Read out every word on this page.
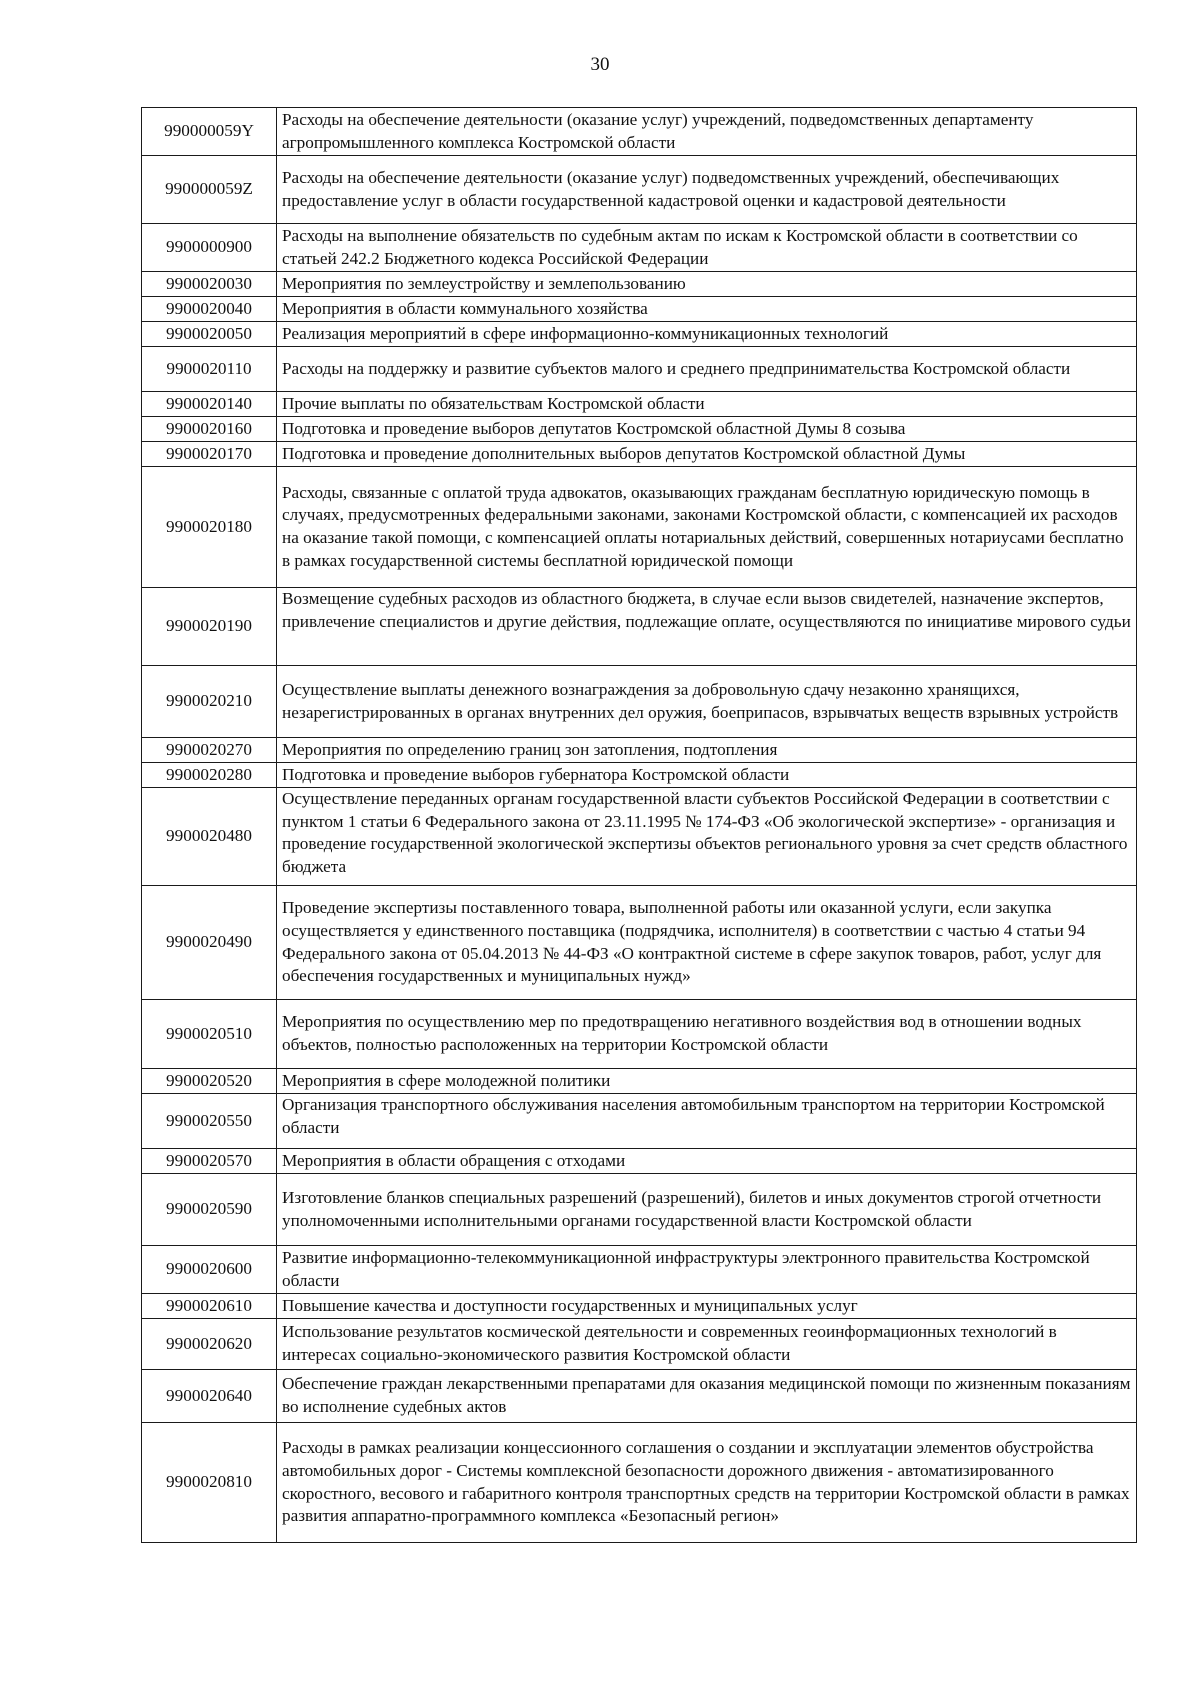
30
990000059Y	Расходы на обеспечение деятельности (оказание услуг) учреждений, подведомственных департаменту агропромышленного комплекса Костромской области
990000059Z	Расходы на обеспечение деятельности (оказание услуг) подведомственных учреждений, обеспечивающих предоставление услуг в области государственной кадастровой оценки и кадастровой деятельности
9900000900	Расходы на выполнение обязательств по судебным актам по искам к Костромской области в соответствии со статьей 242.2 Бюджетного кодекса Российской Федерации
9900020030	Мероприятия по землеустройству и землепользованию
9900020040	Мероприятия в области коммунального хозяйства
9900020050	Реализация мероприятий в сфере информационно-коммуникационных технологий
9900020110	Расходы на поддержку и развитие субъектов малого и среднего предпринимательства Костромской области
9900020140	Прочие выплаты по обязательствам Костромской области
9900020160	Подготовка и проведение выборов депутатов Костромской областной Думы 8 созыва
9900020170	Подготовка и проведение дополнительных выборов депутатов Костромской областной Думы
9900020180	Расходы, связанные с оплатой труда адвокатов, оказывающих гражданам бесплатную юридическую помощь в случаях, предусмотренных федеральными законами, законами Костромской области, с компенсацией их расходов на оказание такой помощи, с компенсацией оплаты нотариальных действий, совершенных нотариусами бесплатно в рамках государственной системы бесплатной юридической помощи
9900020190	Возмещение судебных расходов из областного бюджета, в случае если вызов свидетелей, назначение экспертов, привлечение специалистов и другие действия, подлежащие оплате, осуществляются по инициативе мирового судьи
9900020210	Осуществление выплаты денежного вознаграждения за добровольную сдачу незаконно хранящихся, незарегистрированных в органах внутренних дел оружия, боеприпасов, взрывчатых веществ взрывных устройств
9900020270	Мероприятия по определению границ зон затопления, подтопления
9900020280	Подготовка и проведение выборов губернатора Костромской области
9900020480	Осуществление переданных органам государственной власти субъектов Российской Федерации в соответствии с пунктом 1 статьи 6 Федерального закона от 23.11.1995 № 174-ФЗ «Об экологической экспертизе» - организация и проведение государственной экологической экспертизы объектов регионального уровня за счет средств областного бюджета
9900020490	Проведение экспертизы поставленного товара, выполненной работы или оказанной услуги, если закупка осуществляется у единственного поставщика (подрядчика, исполнителя) в соответствии с частью 4 статьи 94 Федерального закона от 05.04.2013 № 44-ФЗ «О контрактной системе в сфере закупок товаров, работ, услуг для обеспечения государственных и муниципальных нужд»
9900020510	Мероприятия по осуществлению мер по предотвращению негативного воздействия вод в отношении водных объектов, полностью расположенных на территории Костромской области
9900020520	Мероприятия в сфере молодежной политики
9900020550	Организация транспортного обслуживания населения автомобильным транспортом на территории Костромской области
9900020570	Мероприятия в области обращения с отходами
9900020590	Изготовление бланков специальных разрешений (разрешений), билетов и иных документов строгой отчетности уполномоченными исполнительными органами государственной власти Костромской области
9900020600	Развитие информационно-телекоммуникационной инфраструктуры электронного правительства Костромской области
9900020610	Повышение качества и доступности государственных и муниципальных услуг
9900020620	Использование результатов космической деятельности и современных геоинформационных технологий в интересах социально-экономического развития Костромской области
9900020640	Обеспечение граждан лекарственными препаратами для оказания медицинской помощи по жизненным показаниям во исполнение судебных актов
9900020810	Расходы в рамках реализации концессионного соглашения о создании и эксплуатации элементов обустройства автомобильных дорог - Системы комплексной безопасности дорожного движения - автоматизированного скоростного, весового и габаритного контроля транспортных средств на территории Костромской области в рамках развития аппаратно-программного комплекса «Безопасный регион»
